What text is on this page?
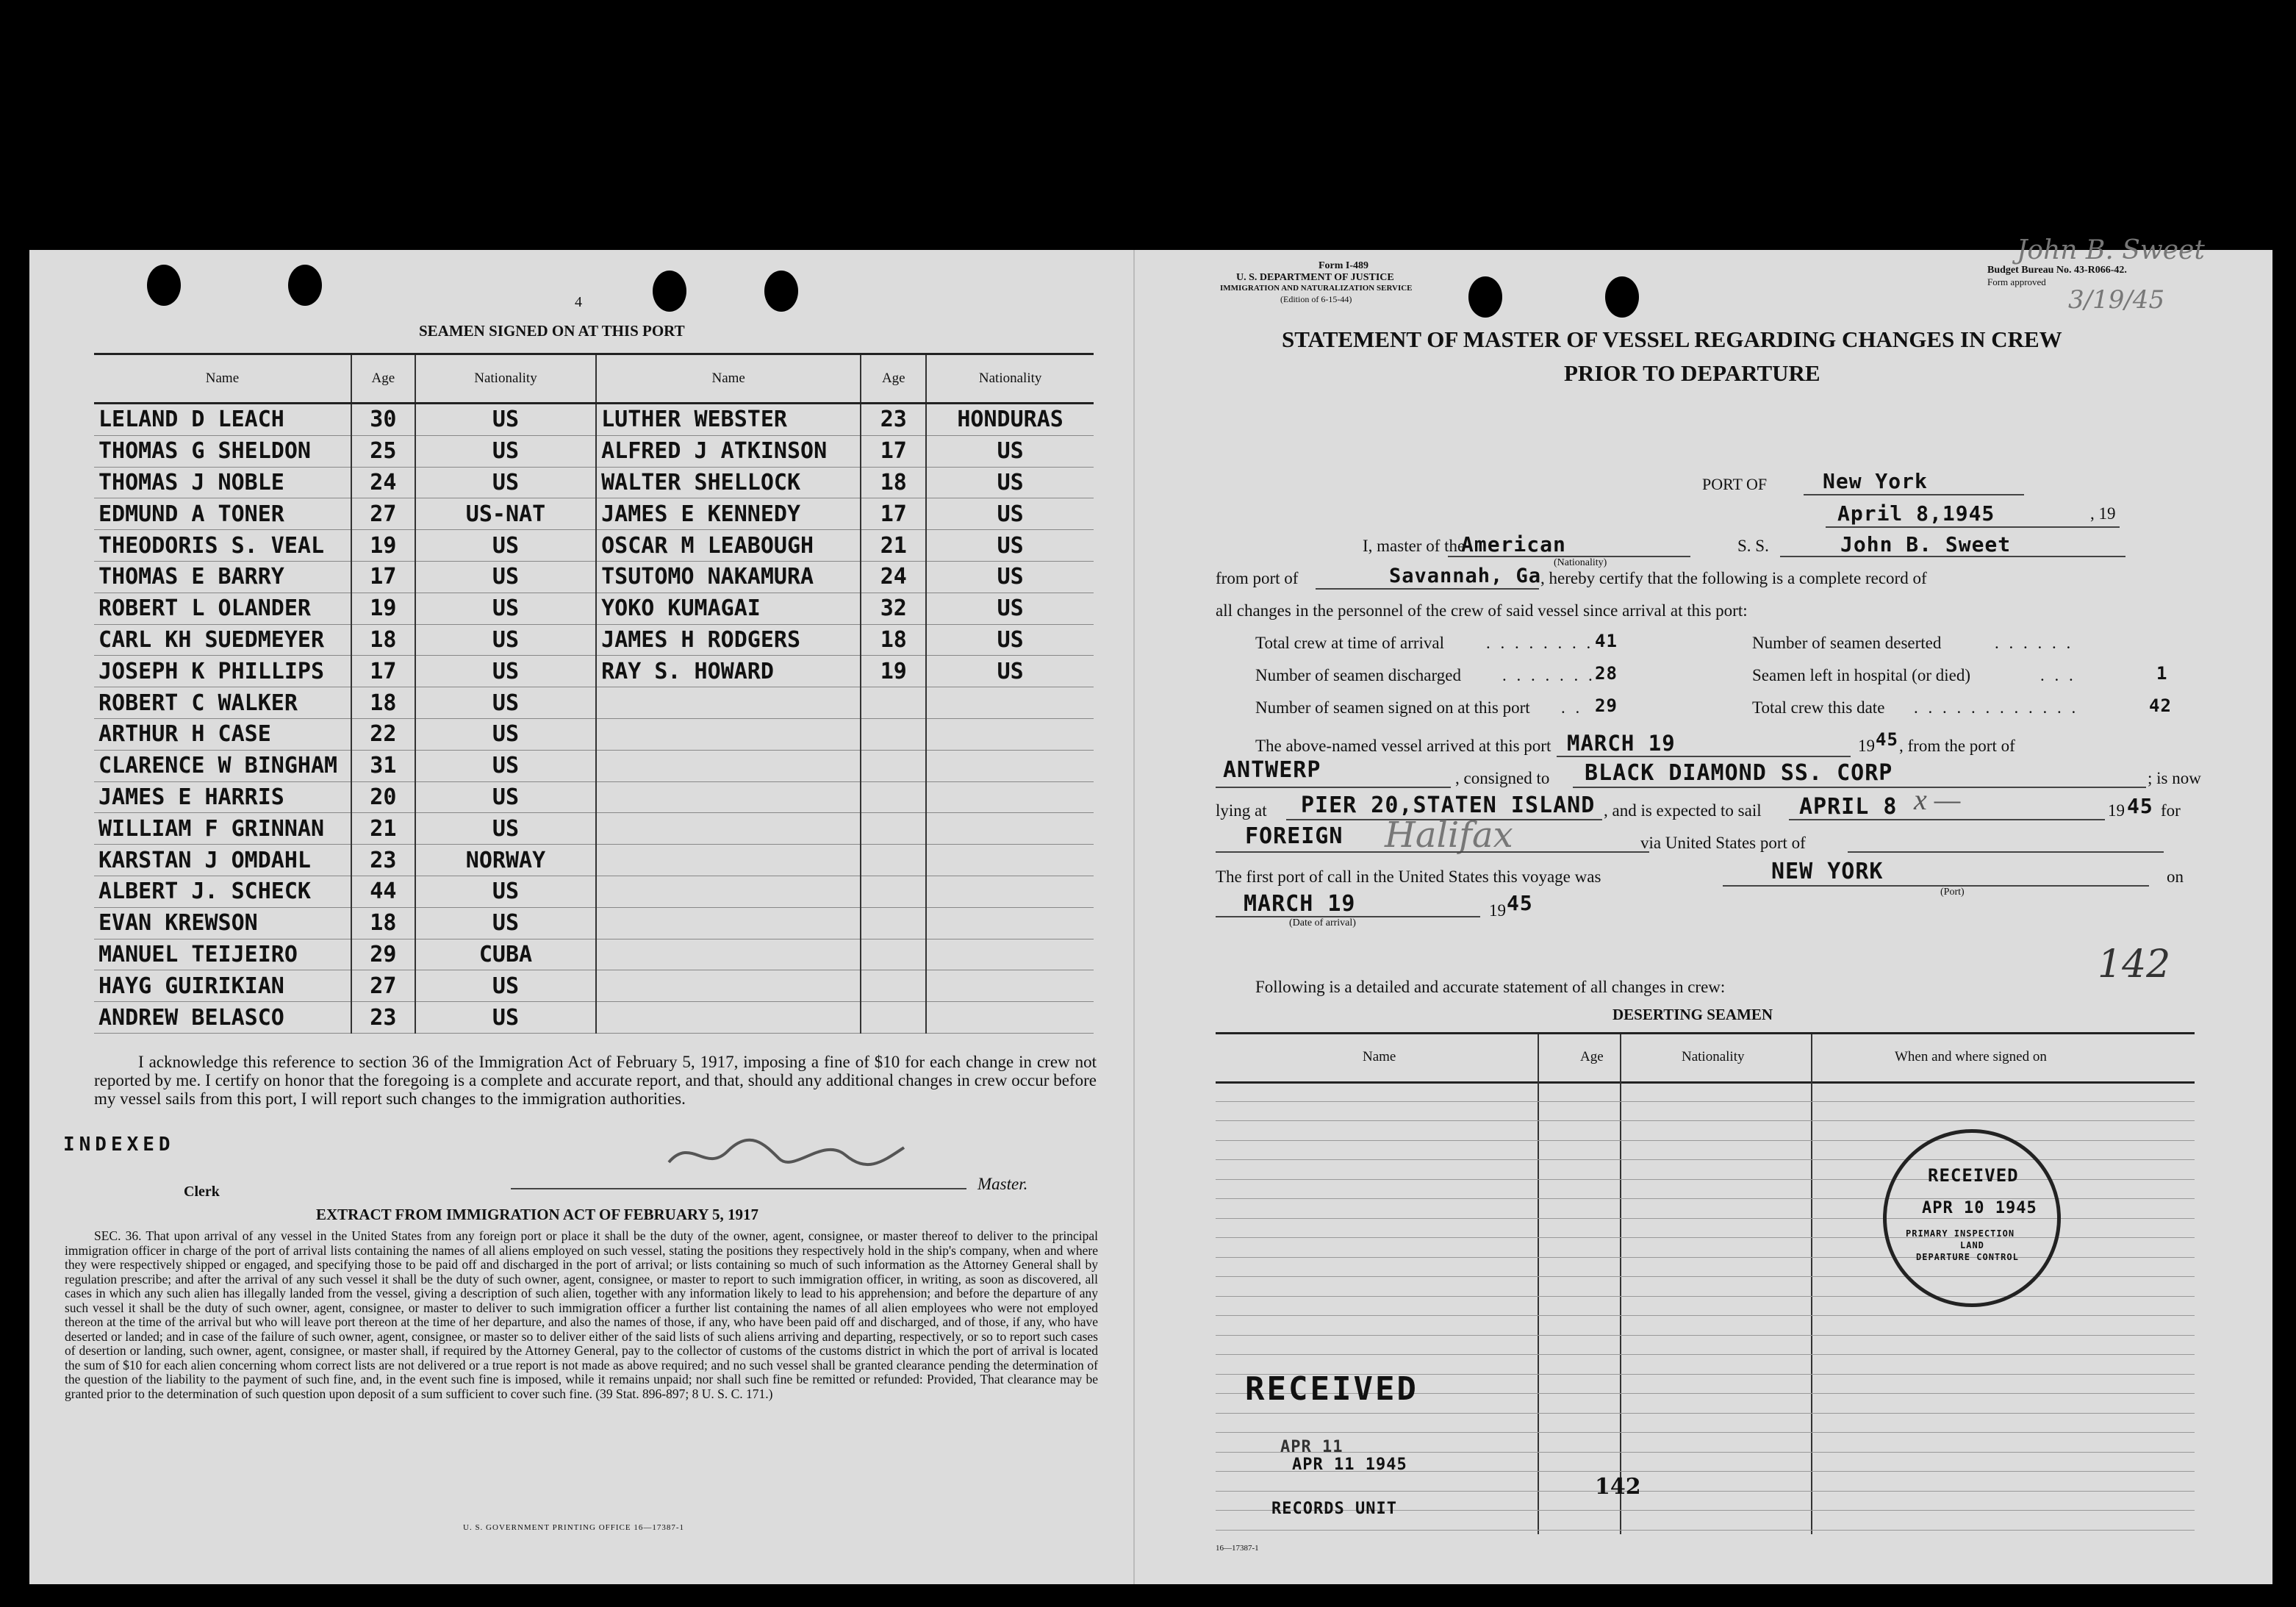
4
SEAMEN SIGNED ON AT THIS PORT
Name	Age	Nationality	Name	Age	Nationality
LELAND D LEACH	30	US	LUTHER WEBSTER	23	HONDURAS
THOMAS G SHELDON	25	US	ALFRED J ATKINSON	17	US
THOMAS J NOBLE	24	US	WALTER SHELLOCK	18	US
EDMUND A TONER	27	US-NAT	JAMES E KENNEDY	17	US
THEODORIS S. VEAL	19	US	OSCAR M LEABOUGH	21	US
THOMAS E BARRY	17	US	TSUTOMO NAKAMURA	24	US
ROBERT L OLANDER	19	US	YOKO KUMAGAI	32	US
CARL KH SUEDMEYER	18	US	JAMES H RODGERS	18	US
JOSEPH K PHILLIPS	17	US	RAY S. HOWARD	19	US
ROBERT C WALKER	18	US			
ARTHUR H CASE	22	US			
CLARENCE W BINGHAM	31	US			
JAMES E HARRIS	20	US			
WILLIAM F GRINNAN	21	US			
KARSTAN J OMDAHL	23	NORWAY			
ALBERT J. SCHECK	44	US			
EVAN KREWSON	18	US			
MANUEL TEIJEIRO	29	CUBA			
HAYG GUIRIKIAN	27	US			
ANDREW BELASCO	23	US			
I acknowledge this reference to section 36 of the Immigration Act of February 5, 1917, imposing a fine of $10 for each change in crew not reported by me. I certify on honor that the foregoing is a complete and accurate report, and that, should any additional changes in crew occur before my vessel sails from this port, I will report such changes to the immigration authorities.
Master.
INDEXED
Clerk
EXTRACT FROM IMMIGRATION ACT OF FEBRUARY 5, 1917
SEC. 36. That upon arrival of any vessel in the United States from any foreign port or place it shall be the duty of the owner, agent, consignee, or master thereof to deliver to the principal immigration officer in charge of the port of arrival lists containing the names of all aliens employed on such vessel, stating the positions they respectively hold in the ship's company, when and where they were respectively shipped or engaged, and specifying those to be paid off and discharged in the port of arrival; or lists containing so much of such information as the Attorney General shall by regulation prescribe; and after the arrival of any such vessel it shall be the duty of such owner, agent, consignee, or master to report to such immigration officer, in writing, as soon as discovered, all cases in which any such alien has illegally landed from the vessel, giving a description of such alien, together with any information likely to lead to his apprehension; and before the departure of any such vessel it shall be the duty of such owner, agent, consignee, or master to deliver to such immigration officer a further list containing the names of all alien employees who were not employed thereon at the time of the arrival but who will leave port thereon at the time of her departure, and also the names of those, if any, who have been paid off and discharged, and of those, if any, who have deserted or landed; and in case of the failure of such owner, agent, consignee, or master so to deliver either of the said lists of such aliens arriving and departing, respectively, or so to report such cases of desertion or landing, such owner, agent, consignee, or master shall, if required by the Attorney General, pay to the collector of customs of the customs district in which the port of arrival is located the sum of $10 for each alien concerning whom correct lists are not delivered or a true report is not made as above required; and no such vessel shall be granted clearance pending the determination of the question of the liability to the payment of such fine, and, in the event such fine is imposed, while it remains unpaid; nor shall such fine be remitted or refunded: Provided, That clearance may be granted prior to the determination of such question upon deposit of a sum sufficient to cover such fine. (39 Stat. 896-897; 8 U. S. C. 171.)
U. S. GOVERNMENT PRINTING OFFICE 16—17387-1
Form I-489
U. S. DEPARTMENT OF JUSTICE
IMMIGRATION AND NATURALIZATION SERVICE
(Edition of 6-15-44)
Budget Bureau No. 43-R066-42.
Form approved
John B. Sweet
3/19/45
STATEMENT OF MASTER OF VESSEL REGARDING CHANGES IN CREW
PRIOR TO DEPARTURE
PORT OF	New York
April 8,1945	, 19
I, master of the
American
(Nationality)
S. S.	John B. Sweet
from port of	Savannah, Ga
, hereby certify that the following is a complete record of
all changes in the personnel of the crew of said vessel since arrival at this port:
Total crew at time of arrival . . . . . . . . 41
Number of seamen discharged . . . . . . . 28
Number of seamen signed on at this port . . 29
Number of seamen deserted	. . . . . .
Seamen left in hospital (or died)	. . .	1
Total crew this date . . . . . . . . . . . .	42
The above-named vessel arrived at this port MARCH 19	19 45 , from the port of
ANTWERP	, consigned to BLACK DIAMOND SS. CORP	; is now
lying at PIER 20,STATEN ISLAND , and is expected to sail APRIL 8 x —	19 45 for
FOREIGN Halifax	via United States port of
The first port of call in the United States this voyage was	NEW YORK
(Port)
on
MARCH 19
(Date of arrival)
19 45
142
Following is a detailed and accurate statement of all changes in crew:
DESERTING SEAMEN
Name	Age	Nationality	When and where signed on
142
RECEIVED
APR 10 1945
PRIMARY INSPECTION
LAND
DEPARTURE CONTROL
RECEIVED
APR 11
APR 11 1945
RECORDS UNIT
16—17387-1
